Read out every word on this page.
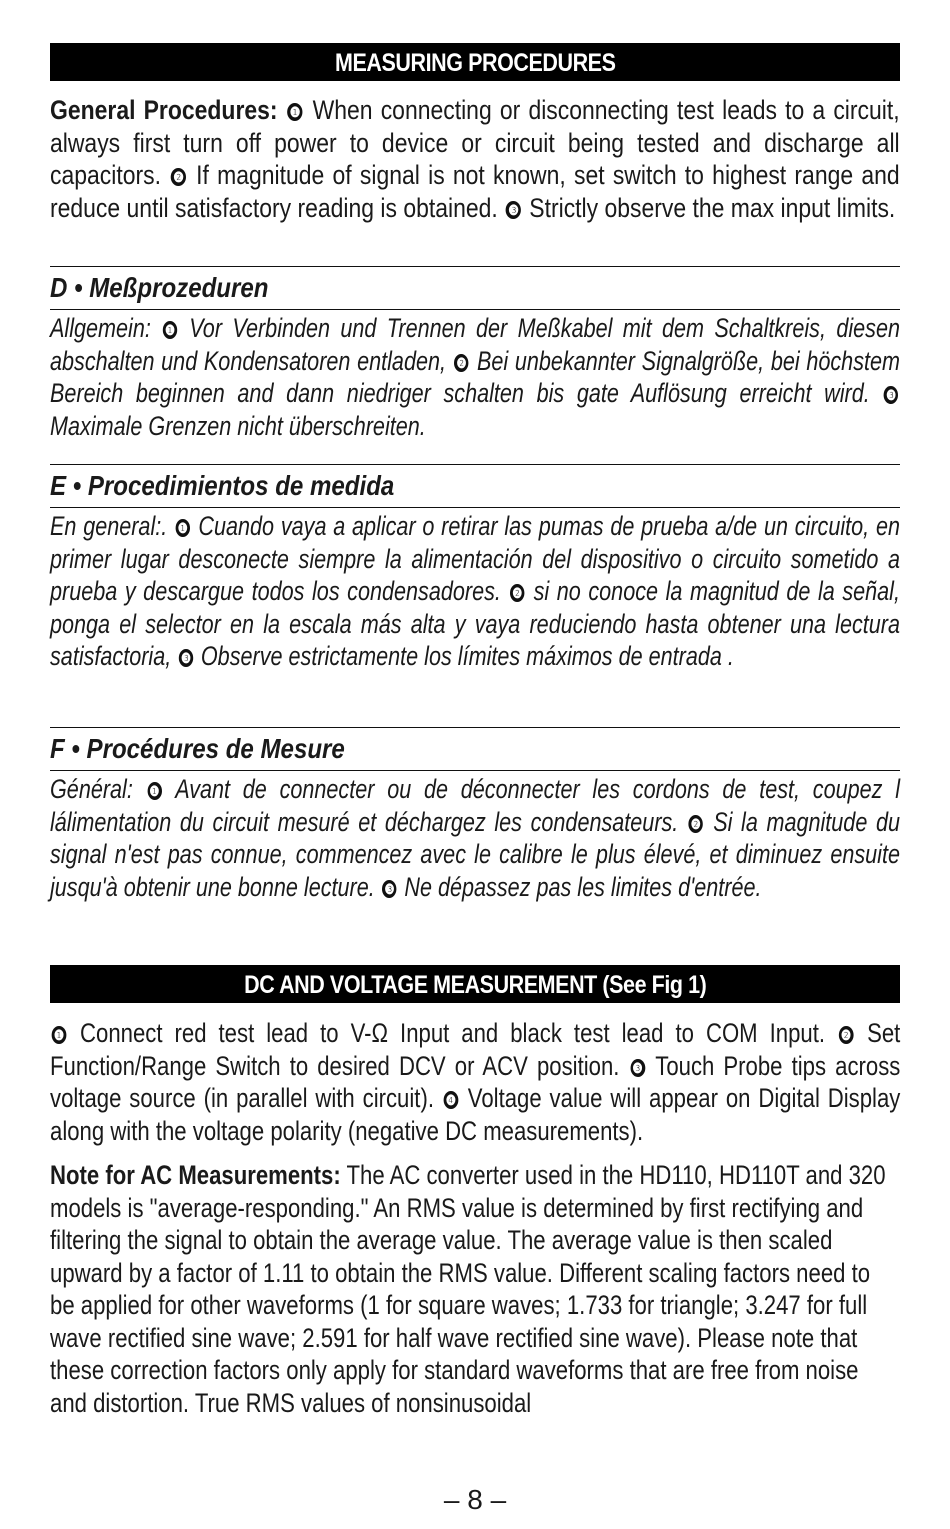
MEASURING PROCEDURES

General Procedures: ❶ When connecting or disconnecting test leads to a circuit, always first turn off power to device or circuit being tested and discharge all capacitors. ❷ If magnitude of signal is not known, set switch to highest range and reduce until satisfactory reading is obtained. ❸ Strictly observe the max input limits.

D • Meßprozeduren

Allgemein: ❶ Vor Verbinden und Trennen der Meßkabel mit dem Schaltkreis, diesen abschalten und Kondensatoren entladen, ❷ Bei unbekannter Signalgröße, bei höchstem Bereich beginnen and dann niedriger schalten bis gate Auflösung erreicht wird. ❸ Maximale Grenzen nicht überschreiten.

E • Procedimientos de medida

En general:. ❶ Cuando vaya a aplicar o retirar las pumas de prueba a/de un circuito, en primer lugar desconecte siempre la alimentación del dispositivo o circuito sometido a prueba y descargue todos los condensadores. ❷ si no conoce la magnitud de la señal, ponga el selector en la escala más alta y vaya reduciendo hasta obtener una lectura satisfactoria, ❸ Observe estrictamente los límites máximos de entrada .

F • Procédures de Mesure

Général: ❶ Avant de connecter ou de déconnecter les cordons de test, coupez l lálimentation du circuit mesuré et déchargez les condensateurs. ❷ Si la magnitude du signal n'est pas connue, commencez avec le calibre le plus élevé, et diminuez ensuite jusqu'à obtenir une bonne lecture. ❸ Ne dépassez pas les limites d'entrée.

DC AND VOLTAGE MEASUREMENT (See Fig 1)

❶ Connect red test lead to V-Ω Input and black test lead to COM Input. ❷ Set Function/Range Switch to desired DCV or ACV position. ❸ Touch Probe tips across voltage source (in parallel with circuit). ❹ Voltage value will appear on Digital Display along with the voltage polarity (negative DC measurements).

Note for AC Measurements: The AC converter used in the HD110, HD110T and 320 models is "average-responding." An RMS value is determined by first rectifying and filtering the signal to obtain the average value. The average value is then scaled upward by a factor of 1.11 to obtain the RMS value. Different scaling factors need to be applied for other waveforms (1 for square waves; 1.733 for triangle; 3.247 for full wave rectified sine wave; 2.591 for half wave rectified sine wave). Please note that these correction factors only apply for standard waveforms that are free from noise and distortion. True RMS values of nonsinusoidal

– 8 –
